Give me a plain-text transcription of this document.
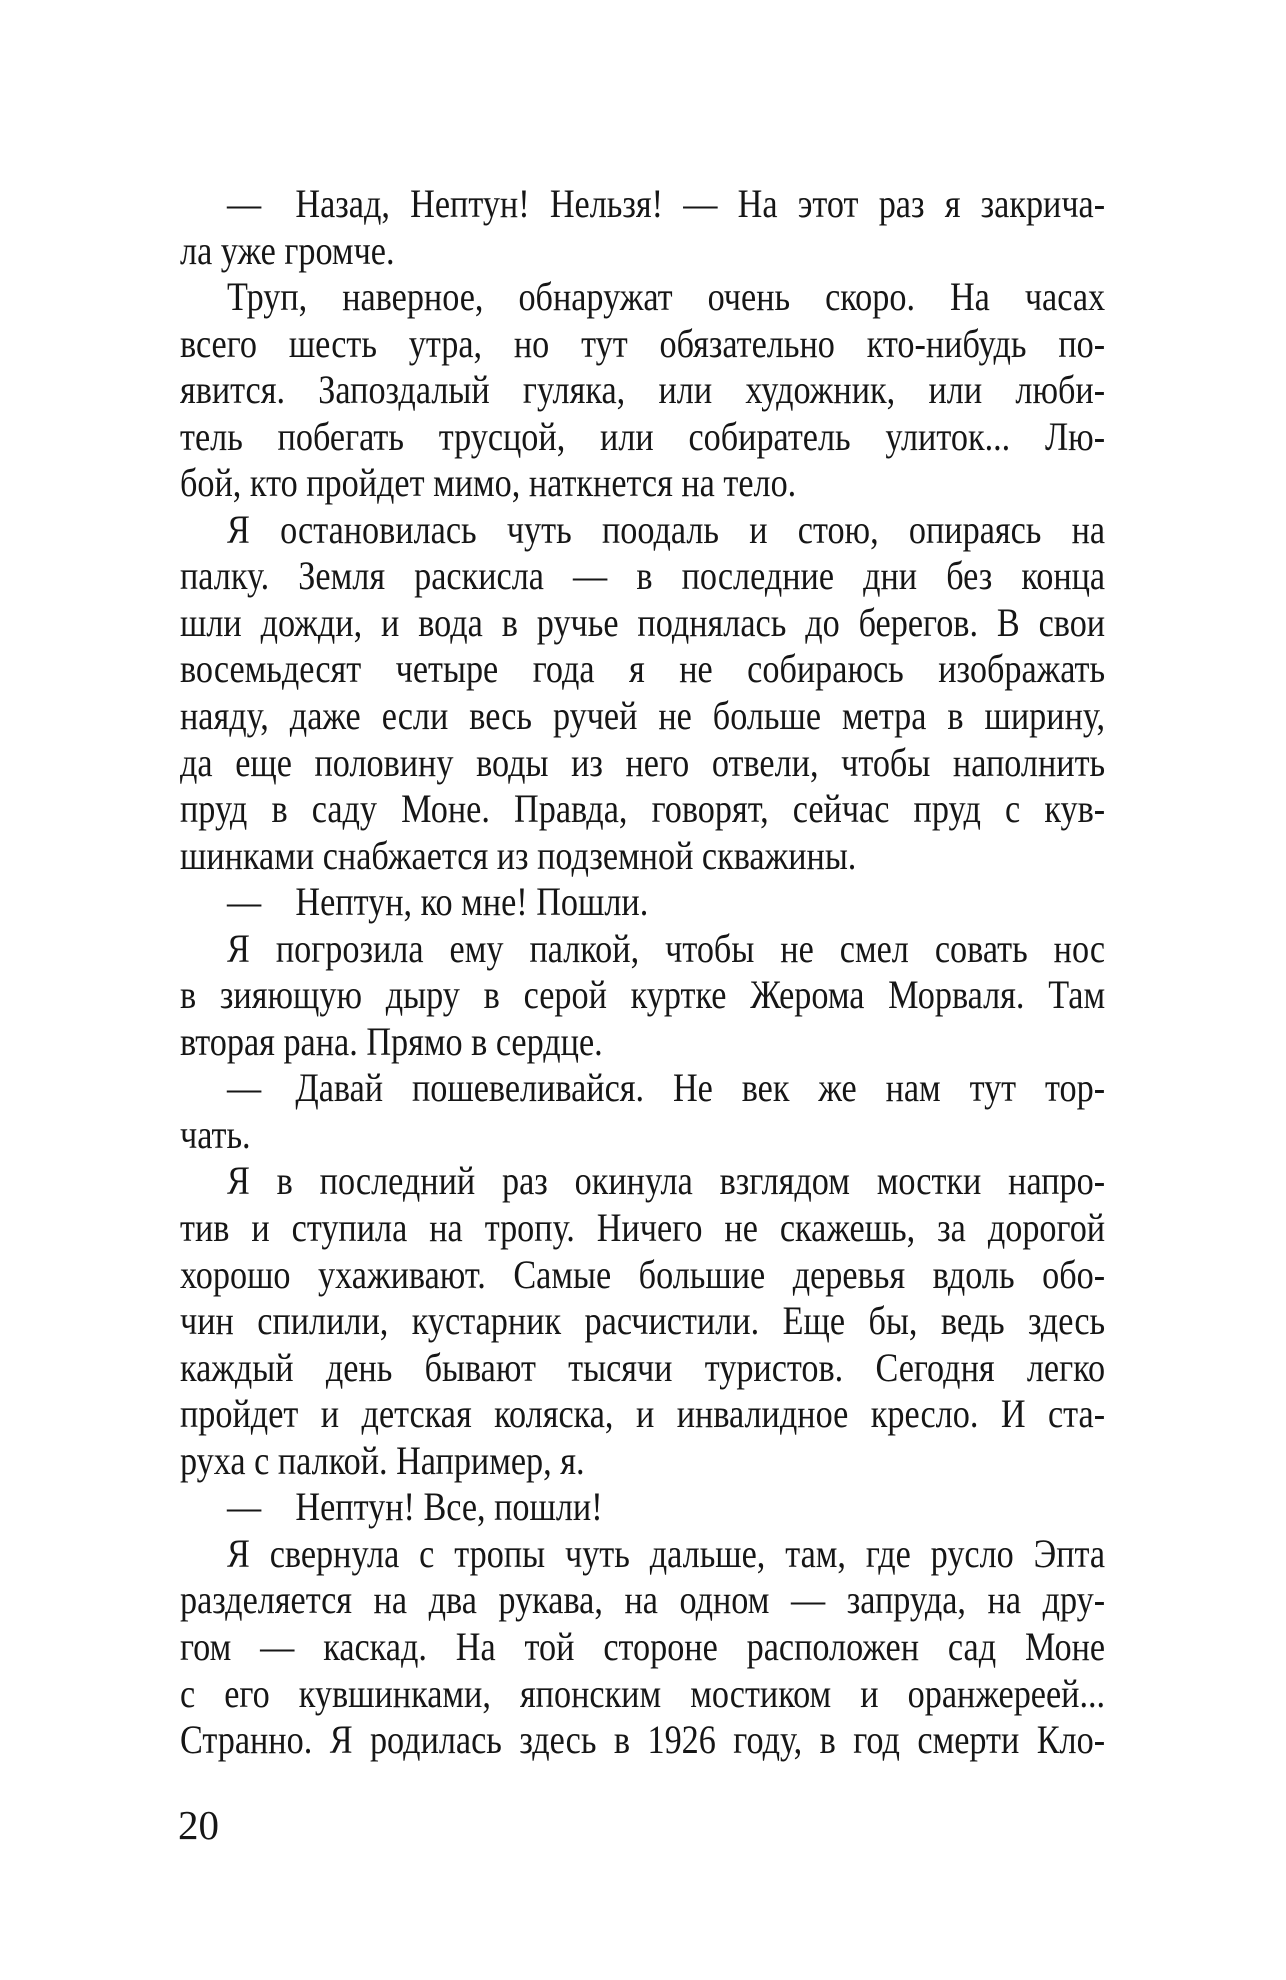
— Назад, Нептун! Нельзя! — На этот раз я закрича-
ла уже громче.
Труп, наверное, обнаружат очень скоро. На часах
всего шесть утра, но тут обязательно кто-нибудь по-
явится. Запоздалый гуляка, или художник, или люби-
тель побегать трусцой, или собиратель улиток... Лю-
бой, кто пройдет мимо, наткнется на тело.
Я остановилась чуть поодаль и стою, опираясь на
палку. Земля раскисла — в последние дни без конца
шли дожди, и вода в ручье поднялась до берегов. В свои
восемьдесят четыре года я не собираюсь изображать
наяду, даже если весь ручей не больше метра в ширину,
да еще половину воды из него отвели, чтобы наполнить
пруд в саду Моне. Правда, говорят, сейчас пруд с кув-
шинками снабжается из подземной скважины.
— Нептун, ко мне! Пошли.
Я погрозила ему палкой, чтобы не смел совать нос
в зияющую дыру в серой куртке Жерома Морваля. Там
вторая рана. Прямо в сердце.
— Давай пошевеливайся. Не век же нам тут тор-
чать.
Я в последний раз окинула взглядом мостки напро-
тив и ступила на тропу. Ничего не скажешь, за дорогой
хорошо ухаживают. Самые большие деревья вдоль обо-
чин спилили, кустарник расчистили. Еще бы, ведь здесь
каждый день бывают тысячи туристов. Сегодня легко
пройдет и детская коляска, и инвалидное кресло. И ста-
руха с палкой. Например, я.
— Нептун! Все, пошли!
Я свернула с тропы чуть дальше, там, где русло Эпта
разделяется на два рукава, на одном — запруда, на дру-
гом — каскад. На той стороне расположен сад Моне
с его кувшинками, японским мостиком и оранжереей...
Странно. Я родилась здесь в 1926 году, в год смерти Кло-
20
